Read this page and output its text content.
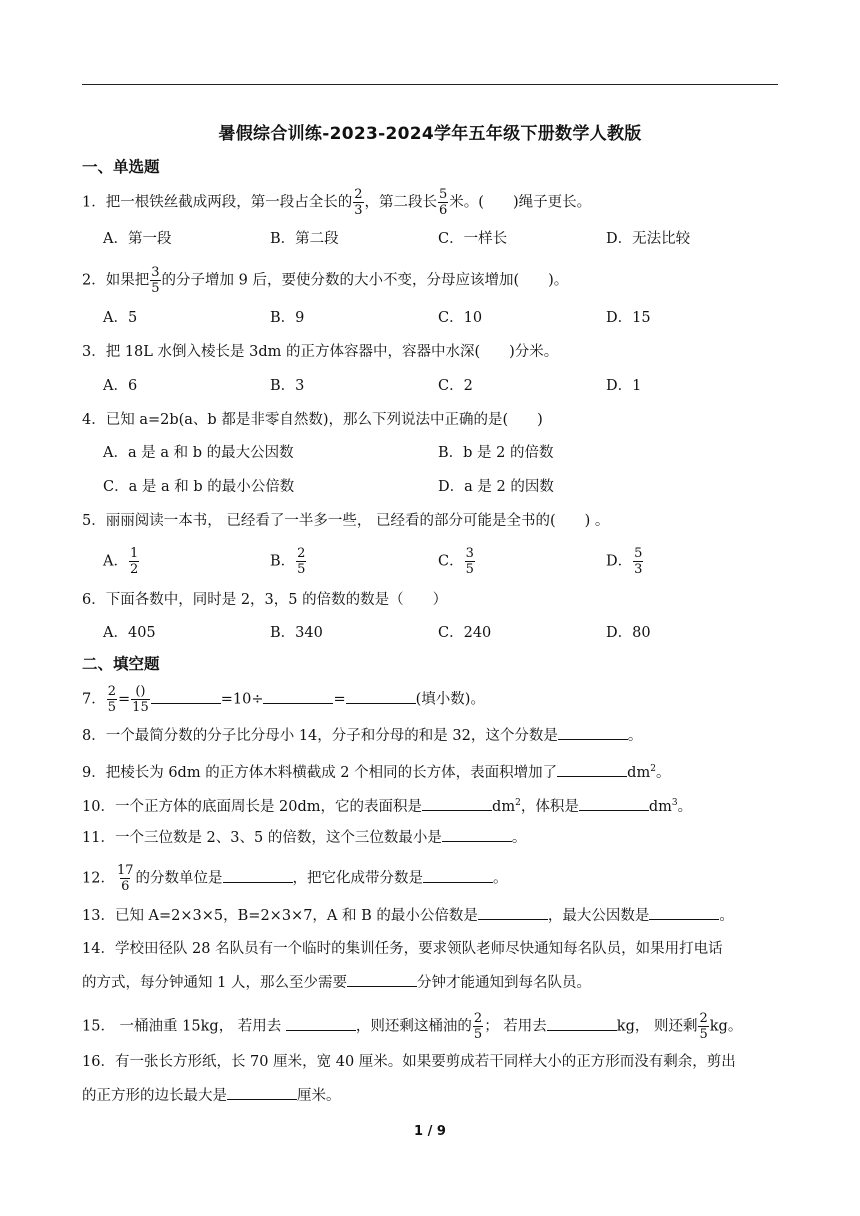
暑假综合训练-2023-2024学年五年级下册数学人教版
一、单选题
1．把一根铁丝截成两段，第一段占全长的 $\frac{2}{3}$ ，第二段长 $\frac{5}{6}$ 米。(　　)绳子更长。
A．第一段	B．第二段	C．一样长	D．无法比较
2．如果把 $\frac{3}{5}$ 的分子增加 9 后，要使分数的大小不变，分母应该增加(　　)。
A．5	B．9	C．10	D．15
3．把 18L 水倒入棱长是 3dm 的正方体容器中，容器中水深(　　)分米。
A．6	B．3	C．2	D．1
4．已知 a=2b(a、b 都是非零自然数)，那么下列说法中正确的是(　　)
A．a 是 a 和 b 的最大公因数	B．b 是 2 的倍数
C．a 是 a 和 b 的最小公倍数	D．a 是 2 的因数
5．丽丽阅读一本书， 已经看了一半多一些， 已经看的部分可能是全书的(　　) 。
A． $\frac{1}{2}$	B． $\frac{2}{5}$	C． $\frac{3}{5}$	D． $\frac{5}{3}$
6．下面各数中，同时是 2，3，5 的倍数的数是（　　）
A．405	B．340	C．240	D．80
二、填空题
7． $\frac{2}{5} = \frac{()}{15}$	=10÷	=	(填小数)。
8．一个最简分数的分子比分母小 14，分子和分母的和是 32，这个分数是	。
9．把棱长为 6dm 的正方体木料横截成 2 个相同的长方体，表面积增加了	$dm^2$。
10．一个正方体的底面周长是 20dm，它的表面积是	$dm^2$，体积是	$dm^3$。
11．一个三位数是 2、3、5 的倍数，这个三位数最小是	。
12． $\frac{17}{6}$ 的分数单位是	，把它化成带分数是	。
13．已知 A=2×3×5，B=2×3×7，A 和 B 的最小公倍数是	，最大公因数是	。
14．学校田径队 28 名队员有一个临时的集训任务，要求领队老师尽快通知每名队员，如果用打电话
的方式，每分钟通知 1 人，那么至少需要	分钟才能通知到每名队员。
15． 一桶油重 15kg， 若用去	，则还剩这桶油的 $\frac{2}{5}$ ； 若用去	kg， 则还剩 $\frac{2}{5}$ kg。
16．有一张长方形纸，长 70 厘米，宽 40 厘米。如果要剪成若干同样大小的正方形而没有剩余，剪出
的正方形的边长最大是	厘米。
1 / 9
